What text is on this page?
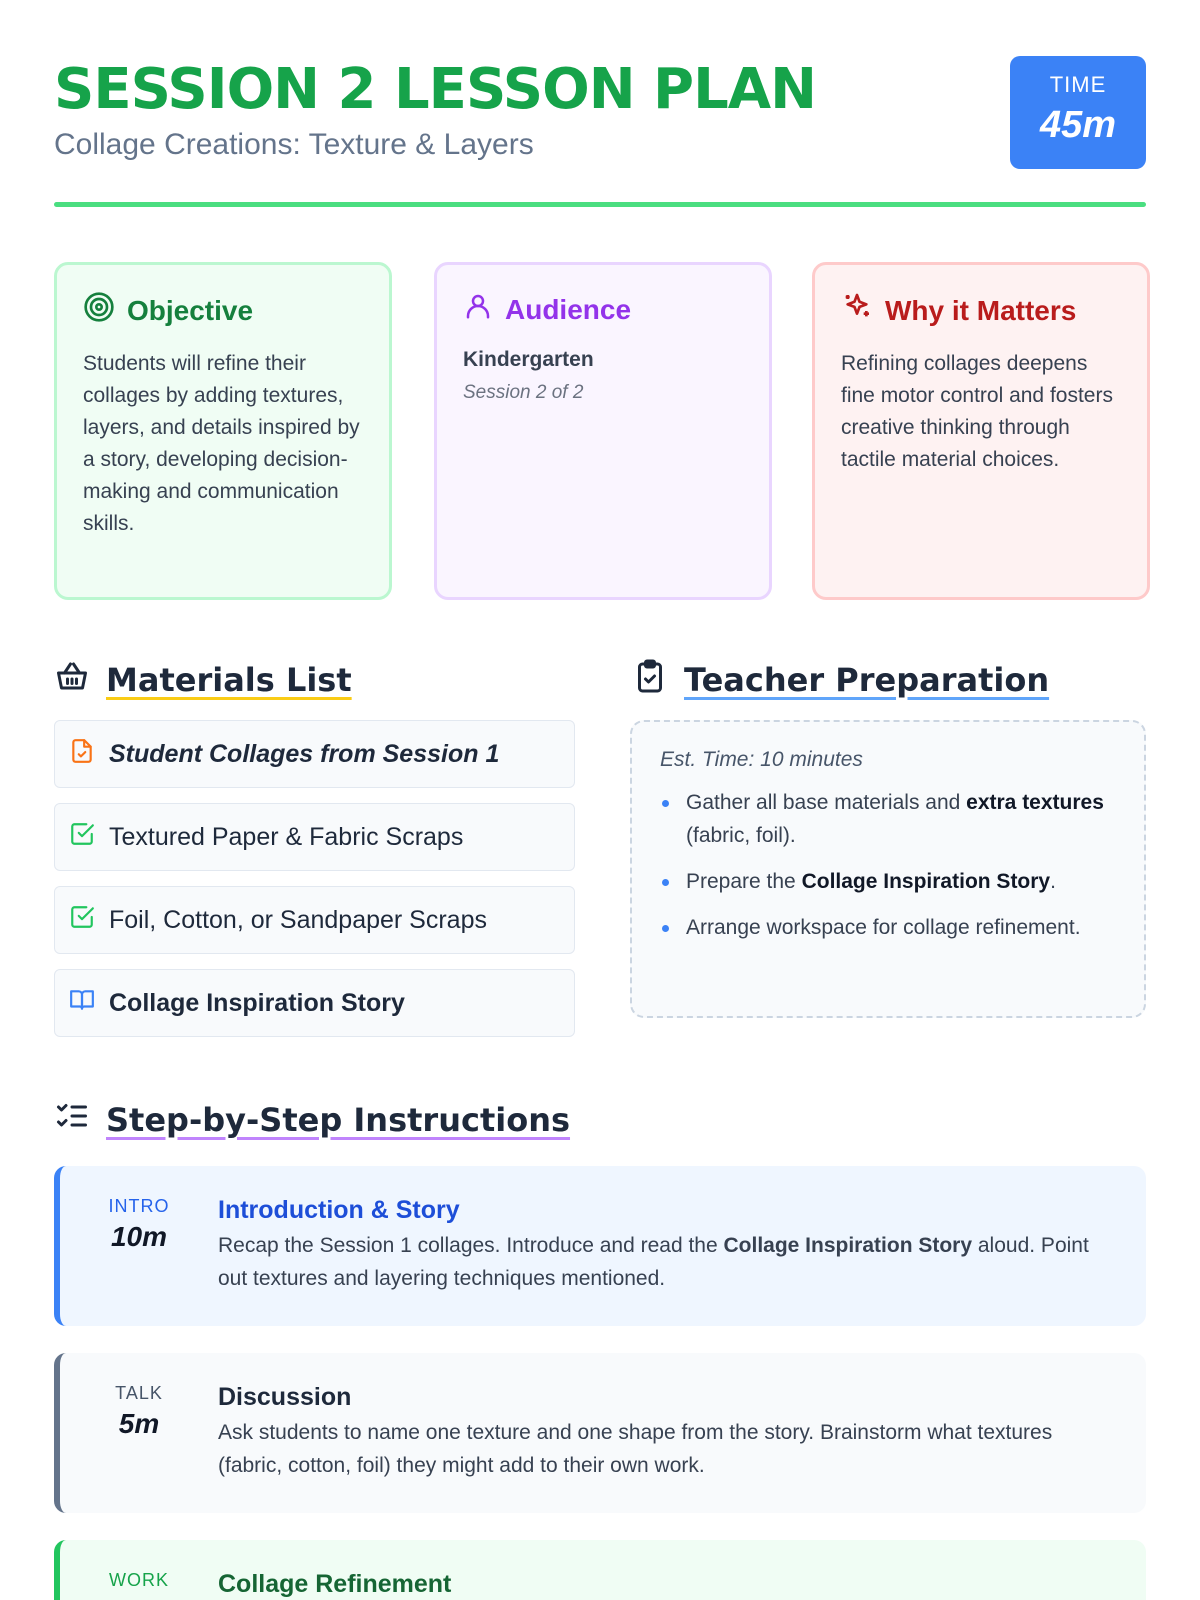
SESSION 2 LESSON PLAN
Collage Creations: Texture & Layers
TIME
45m
Objective
Students will refine their collages by adding textures, layers, and details inspired by a story, developing decision-making and communication skills.
Audience
Kindergarten
Session 2 of 2
Why it Matters
Refining collages deepens fine motor control and fosters creative thinking through tactile material choices.
Materials List
Student Collages from Session 1
Textured Paper & Fabric Scraps
Foil, Cotton, or Sandpaper Scraps
Collage Inspiration Story
Teacher Preparation
Est. Time: 10 minutes
Gather all base materials and extra textures (fabric, foil).
Prepare the Collage Inspiration Story.
Arrange workspace for collage refinement.
Step-by-Step Instructions
INTRO
10m
Introduction & Story
Recap the Session 1 collages. Introduce and read the Collage Inspiration Story aloud. Point out textures and layering techniques mentioned.
TALK
5m
Discussion
Ask students to name one texture and one shape from the story. Brainstorm what textures (fabric, cotton, foil) they might add to their own work.
WORK	Collage Refinement
